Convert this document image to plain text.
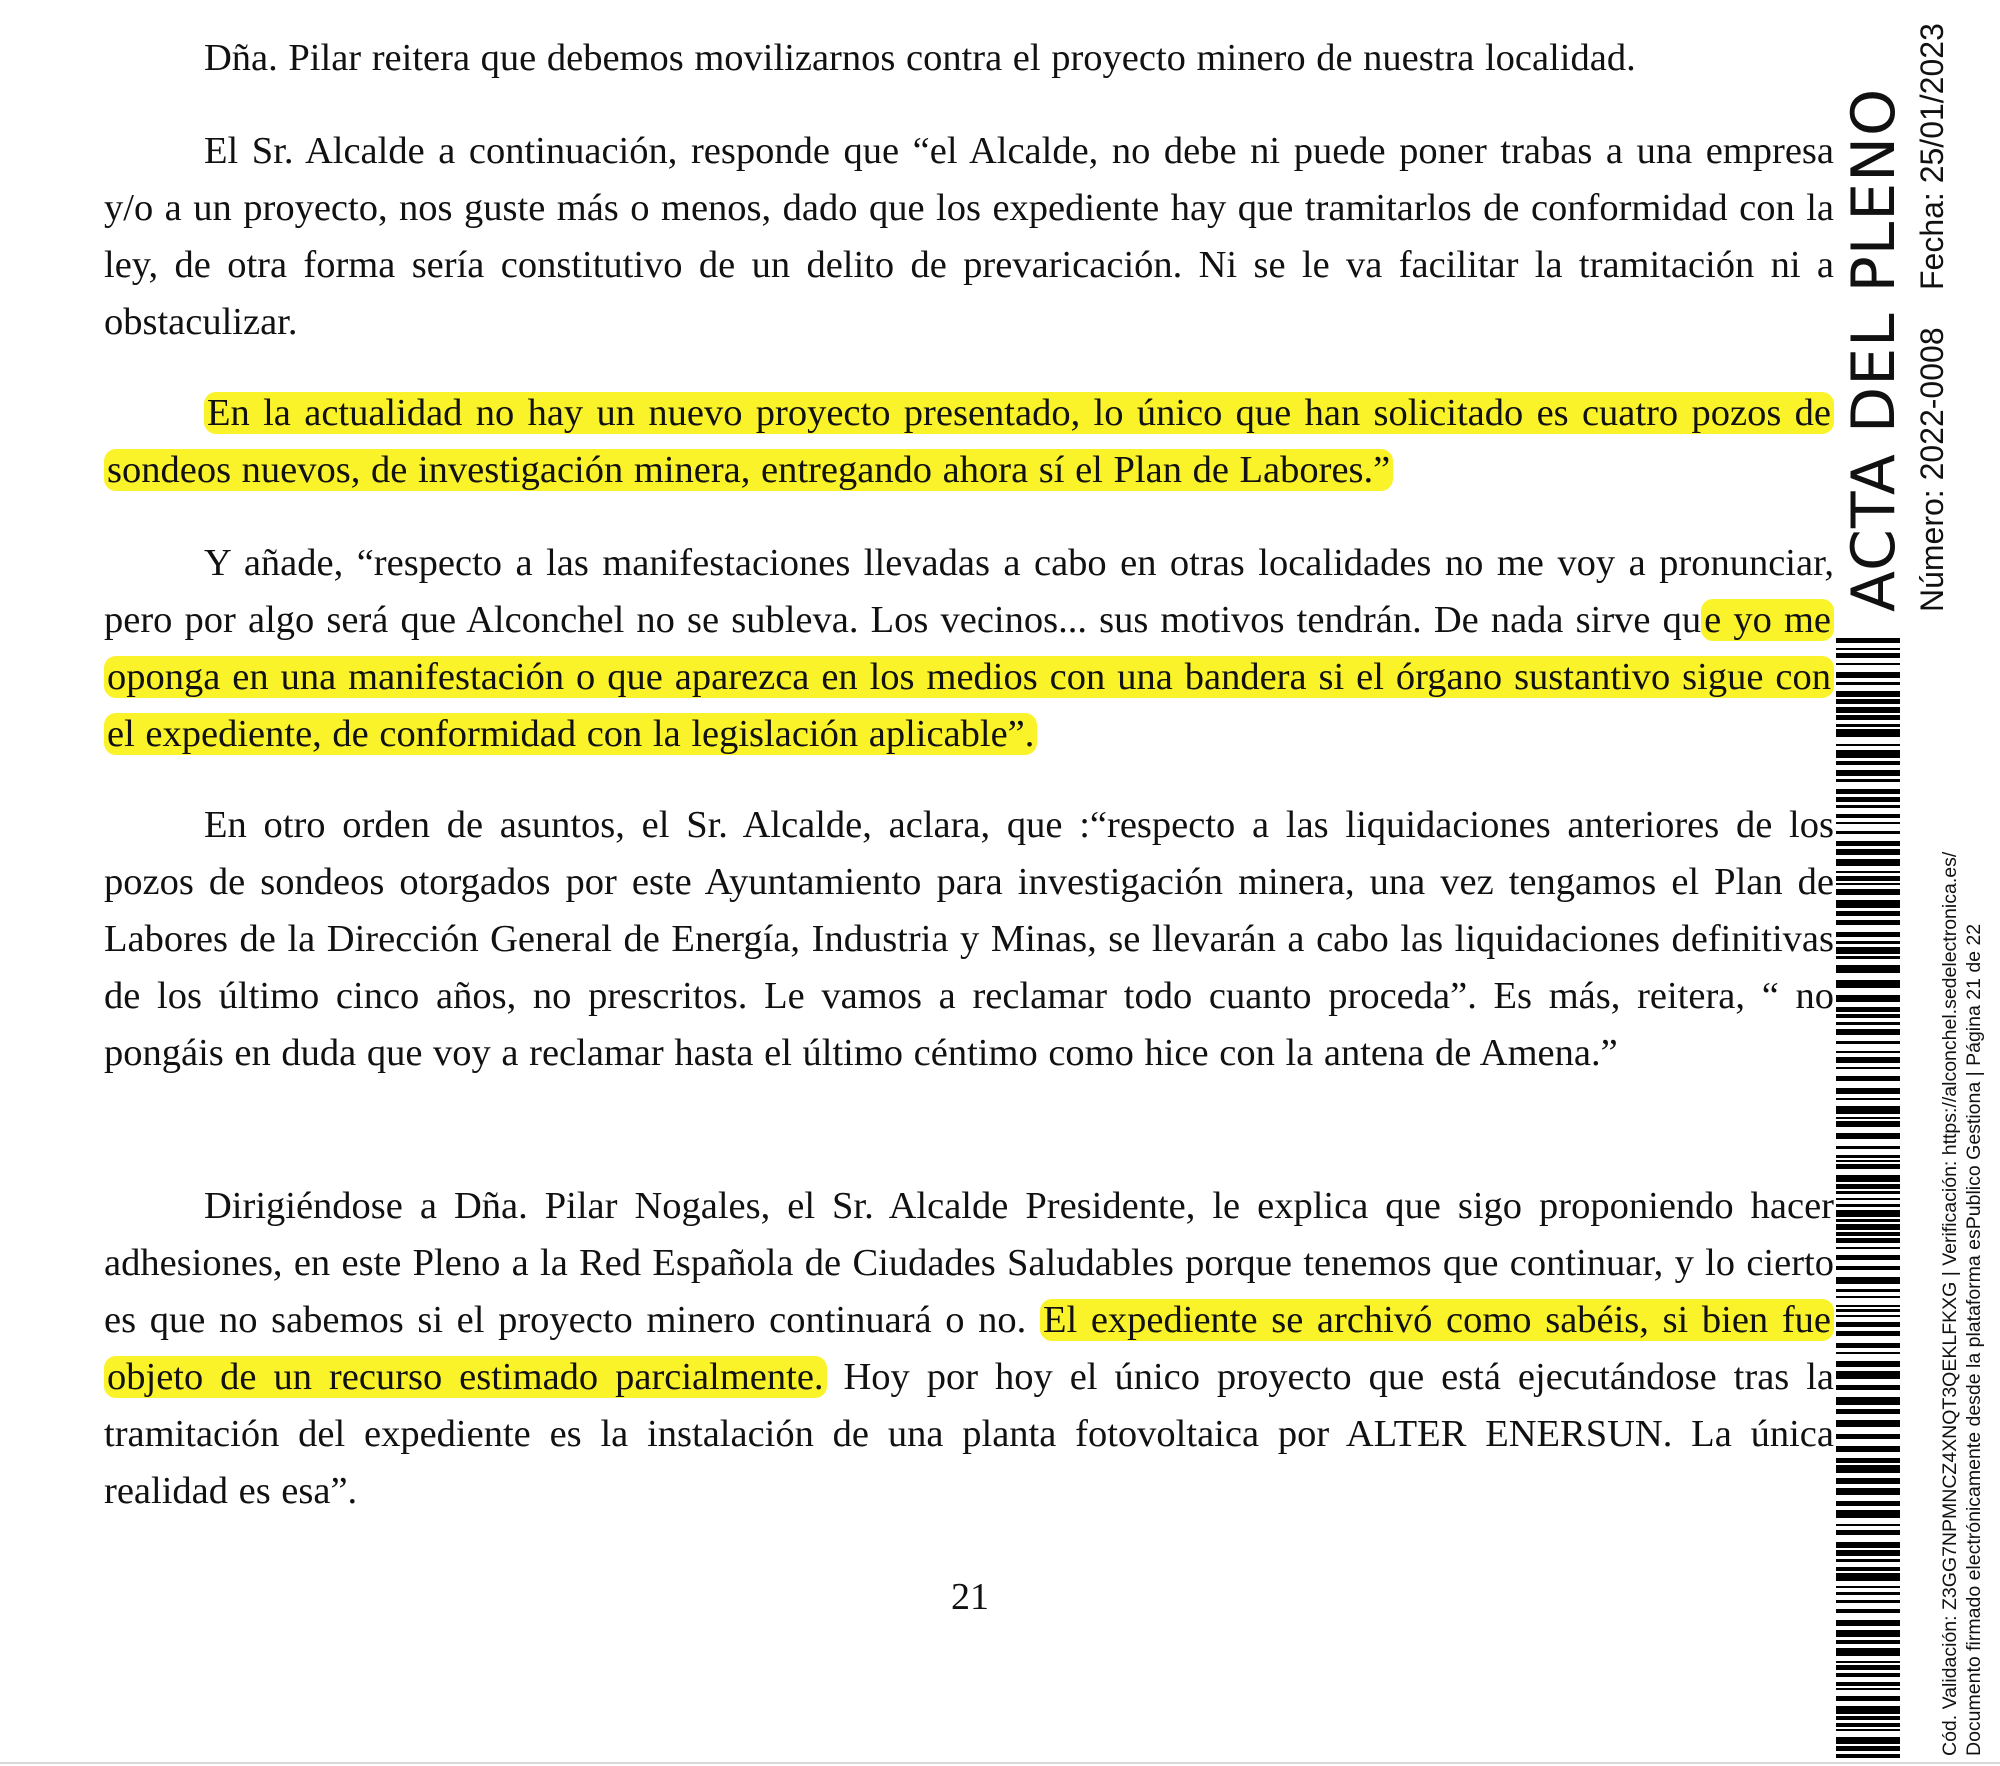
Dña. Pilar reitera que debemos movilizarnos contra el proyecto minero de nuestra localidad.

El Sr. Alcalde a continuación, responde que “el Alcalde, no debe ni puede poner trabas a una empresa y/o a un proyecto, nos guste más o menos, dado que los expediente hay que tramitarlos de conformidad con la ley, de otra forma sería constitutivo de un delito de prevaricación. Ni se le va facilitar la tramitación ni a obstaculizar.

En la actualidad no hay un nuevo proyecto presentado, lo único que han solicitado es cuatro pozos de sondeos nuevos, de investigación minera, entregando ahora sí el Plan de Labores.”

Y añade, “respecto a las manifestaciones llevadas a cabo en otras localidades no me voy a pronunciar, pero por algo será que Alconchel no se subleva. Los vecinos... sus motivos tendrán. De nada sirve que yo me oponga en una manifestación o que aparezca en los medios con una bandera si el órgano sustantivo sigue con el expediente, de conformidad con la legislación aplicable”.

En otro orden de asuntos, el Sr. Alcalde, aclara, que :“respecto a las liquidaciones anteriores de los pozos de sondeos otorgados por este Ayuntamiento para investigación minera, una vez tengamos el Plan de Labores de la Dirección General de Energía, Industria y Minas, se llevarán a cabo las liquidaciones definitivas de los último cinco años, no prescritos. Le vamos a reclamar todo cuanto proceda”. Es más, reitera, “ no pongáis en duda que voy a reclamar hasta el último céntimo como hice con la antena de Amena.”

Dirigiéndose a Dña. Pilar Nogales, el Sr. Alcalde Presidente, le explica que sigo proponiendo hacer adhesiones, en este Pleno a la Red Española de Ciudades Saludables porque tenemos que continuar, y lo cierto es que no sabemos si el proyecto minero continuará o no. El expediente se archivó como sabéis, si bien fue objeto de un recurso estimado parcialmente. Hoy por hoy el único proyecto que está ejecutándose tras la tramitación del expediente es la instalación de una planta fotovoltaica por ALTER ENERSUN. La única realidad es esa”.

21
ACTA DEL PLENO Número: 2022-0008
Fecha: 25/01/2023
Cód. Validación: Z3GG7NPMNCZ4XNQT3QEKLFKXG | Verificación: https://alconchel.sedelectronica.es/ Documento firmado electrónicamente desde la plataforma esPublico Gestiona | Página 21 de 22
